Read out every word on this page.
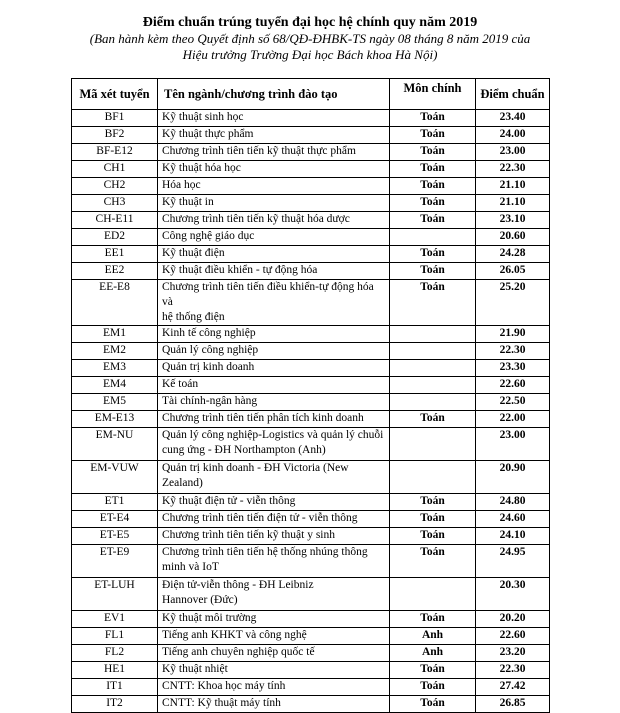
Điểm chuẩn trúng tuyển đại học hệ chính quy năm 2019
(Ban hành kèm theo Quyết định số 68/QĐ-ĐHBK-TS ngày 08 tháng 8 năm 2019 của
Hiệu trưởng Trường Đại học Bách khoa Hà Nội)
Mã xét tuyển	Tên ngành/chương trình đào tạo	Môn chính	Điểm chuẩn
BF1	Kỹ thuật sinh học	Toán	23.40
BF2	Kỹ thuật thực phẩm	Toán	24.00
BF-E12	Chương trình tiên tiến kỹ thuật thực phẩm	Toán	23.00
CH1	Kỹ thuật hóa học	Toán	22.30
CH2	Hóa học	Toán	21.10
CH3	Kỹ thuật in	Toán	21.10
CH-E11	Chương trình tiên tiến kỹ thuật hóa dược	Toán	23.10
ED2	Công nghệ giáo dục		20.60
EE1	Kỹ thuật điện	Toán	24.28
EE2	Kỹ thuật điều khiển - tự động hóa	Toán	26.05
EE-E8	Chương trình tiên tiến điều khiển-tự động hóa và
hệ thống điện	Toán	25.20
EM1	Kinh tế công nghiệp		21.90
EM2	Quản lý công nghiệp		22.30
EM3	Quản trị kinh doanh		23.30
EM4	Kế toán		22.60
EM5	Tài chính-ngân hàng		22.50
EM-E13	Chương trình tiên tiến phân tích kinh doanh	Toán	22.00
EM-NU	Quản lý công nghiệp-Logistics và quản lý chuỗi
cung ứng - ĐH Northampton (Anh)		23.00
EM-VUW	Quản trị kinh doanh - ĐH Victoria (New
Zealand)		20.90
ET1	Kỹ thuật điện tử - viễn thông	Toán	24.80
ET-E4	Chương trình tiên tiến điện tử - viễn thông	Toán	24.60
ET-E5	Chương trình tiên tiến kỹ thuật y sinh	Toán	24.10
ET-E9	Chương trình tiên tiến hệ thống nhúng thông
minh và IoT	Toán	24.95
ET-LUH	Điện tử-viễn thông - ĐH Leibniz
Hannover (Đức)		20.30
EV1	Kỹ thuật môi trường	Toán	20.20
FL1	Tiếng anh KHKT và công nghệ	Anh	22.60
FL2	Tiếng anh chuyên nghiệp quốc tế	Anh	23.20
HE1	Kỹ thuật nhiệt	Toán	22.30
IT1	CNTT: Khoa học máy tính	Toán	27.42
IT2	CNTT: Kỹ thuật máy tính	Toán	26.85
